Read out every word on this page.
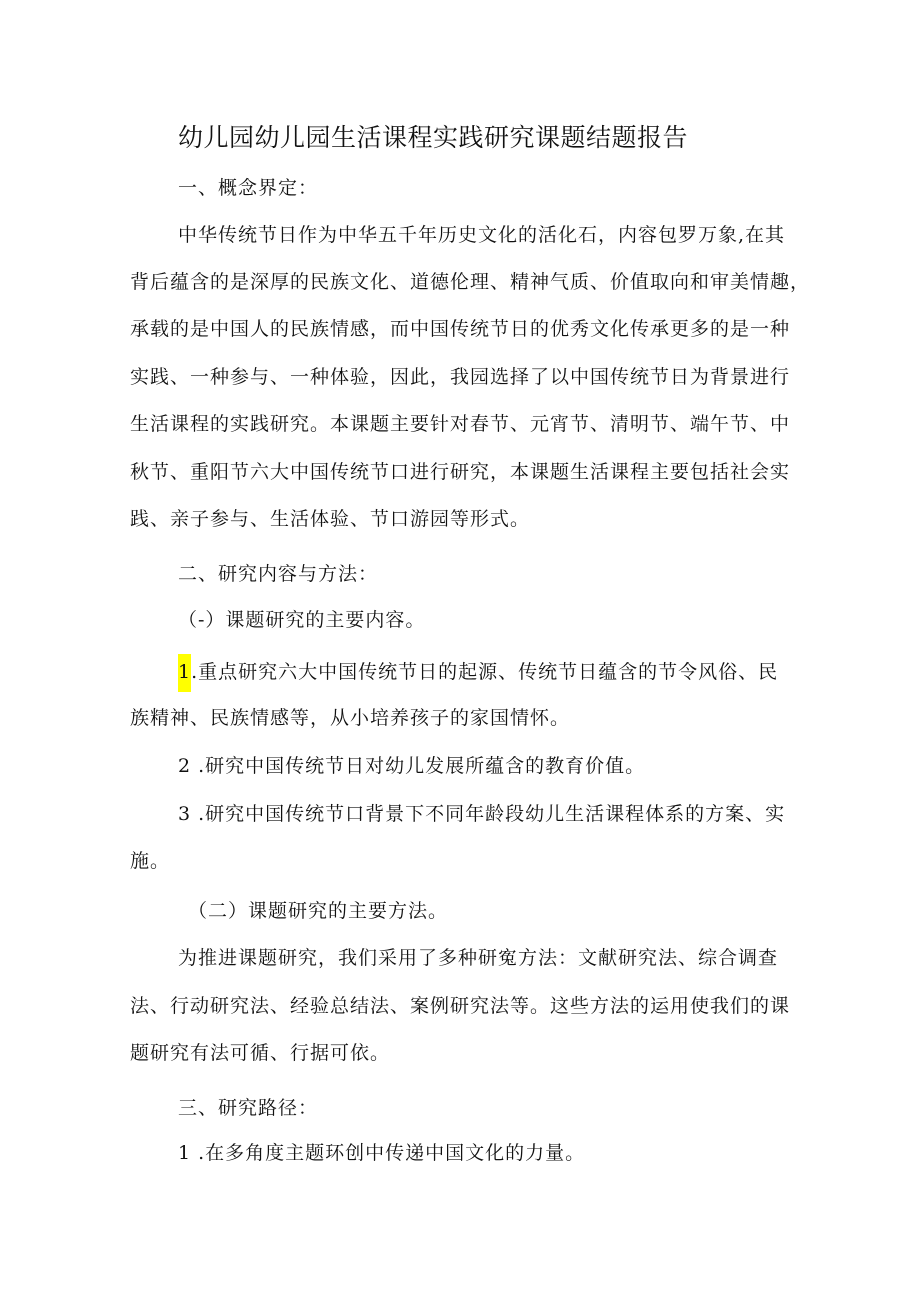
幼儿园幼儿园生活课程实践研究课题结题报告
一、概念界定：
中华传统节日作为中华五千年历史文化的活化石，内容包罗万象,在其
背后蕴含的是深厚的民族文化、道德伦理、精神气质、价值取向和审美情趣，
承载的是中国人的民族情感，而中国传统节日的优秀文化传承更多的是一种
实践、一种参与、一种体验，因此，我园选择了以中国传统节日为背景进行
生活课程的实践研究。本课题主要针对春节、元宵节、清明节、端午节、中
秋节、重阳节六大中国传统节口进行研究，本课题生活课程主要包括社会实
践、亲子参与、生活体验、节口游园等形式。
二、研究内容与方法：
（-）课题研究的主要内容。
1.重点研究六大中国传统节日的起源、传统节日蕴含的节令风俗、民
族精神、民族情感等，从小培养孩子的家国情怀。
2 .研究中国传统节日对幼儿发展所蕴含的教育价值。
3 .研究中国传统节口背景下不同年龄段幼儿生活课程体系的方案、实
施。
（二）课题研究的主要方法。
为推进课题研究，我们采用了多种研寃方法：文献研究法、综合调查
法、行动研究法、经验总结法、案例研究法等。这些方法的运用使我们的课
题研究有法可循、行据可依。
三、研究路径：
1 .在多角度主题环创中传递中国文化的力量。
